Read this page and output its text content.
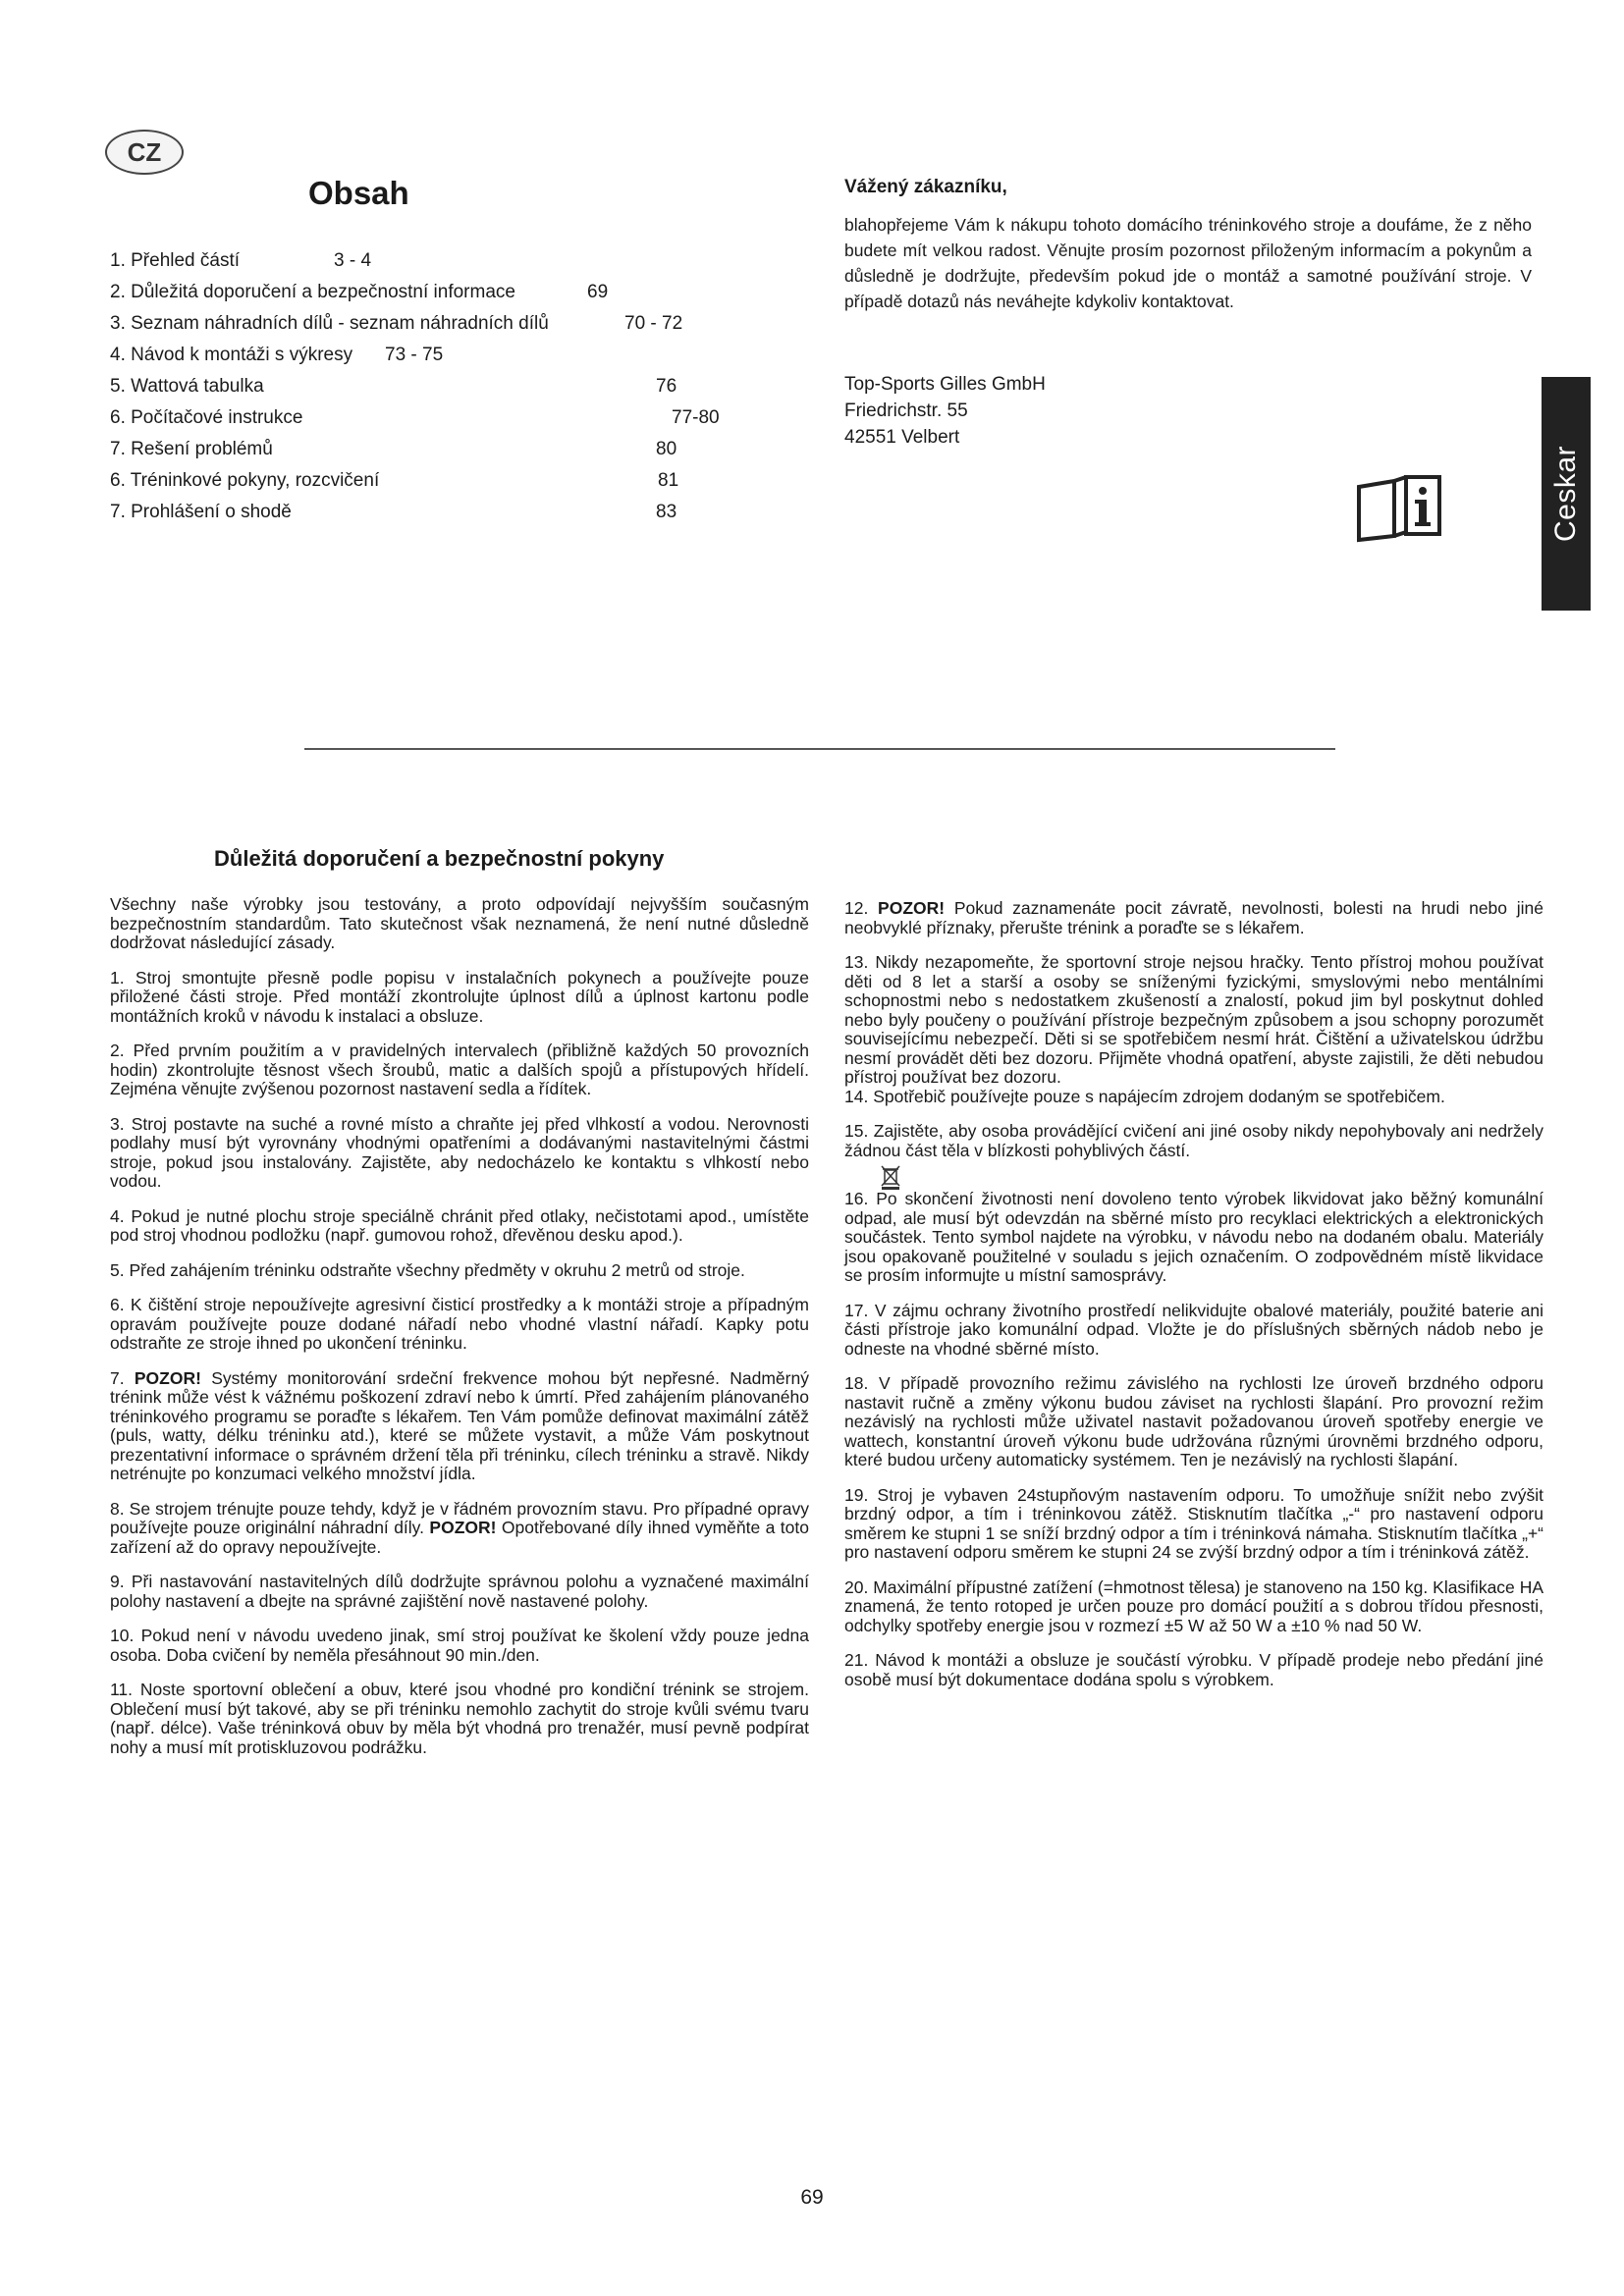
CZ
Obsah
1. Přehled částí	3 - 4
2. Důležitá doporučení a bezpečnostní informace	69
3. Seznam náhradních dílů - seznam náhradních dílů	70 - 72
4. Návod k montáži s výkresy 73 - 75
5. Wattová tabulka	76
6. Počítačové instrukce	77-80
7. Rešení problémů	80
6. Tréninkové pokyny, rozcvičení	81
7. Prohlášení o shodě	83
Vážený zákazníku,

blahopřejeme Vám k nákupu tohoto domácího tréninkového stroje a doufáme, že z něho budete mít velkou radost. Věnujte prosím pozornost přiloženým informacím a pokynům a důsledně je dodržujte, především pokud jde o montáž a samotné používání stroje. V případě dotazů nás neváhejte kdykoliv kontaktovat.

Top-Sports Gilles GmbH
Friedrichstr. 55
42551 Velbert
Ceskar
Důležitá doporučení a bezpečnostní pokyny

Všechny naše výrobky jsou testovány, a proto odpovídají nejvyšším současným bezpečnostním standardům. Tato skutečnost však neznamená, že není nutné důsledně dodržovat následující zásady.

1. Stroj smontujte přesně podle popisu v instalačních pokynech a používejte pouze přiložené části stroje. Před montáží zkontrolujte úplnost dílů a úplnost kartonu podle montážních kroků v návodu k instalaci a obsluze.

2. Před prvním použitím a v pravidelných intervalech (přibližně každých 50 provozních hodin) zkontrolujte těsnost všech šroubů, matic a dalších spojů a přístupových hřídelí. Zejména věnujte zvýšenou pozornost nastavení sedla a řídítek.

3. Stroj postavte na suché a rovné místo a chraňte jej před vlhkostí a vodou. Nerovnosti podlahy musí být vyrovnány vhodnými opatřeními a dodávanými nastavitelnými částmi stroje, pokud jsou instalovány. Zajistěte, aby nedocházelo ke kontaktu s vlhkostí nebo vodou.

4. Pokud je nutné plochu stroje speciálně chránit před otlaky, nečistotami apod., umístěte pod stroj vhodnou podložku (např. gumovou rohož, dřevěnou desku apod.).

5. Před zahájením tréninku odstraňte všechny předměty v okruhu 2 metrů od stroje.

6. K čištění stroje nepoužívejte agresivní čisticí prostředky a k montáži stroje a případným opravám používejte pouze dodané nářadí nebo vhodné vlastní nářadí. Kapky potu odstraňte ze stroje ihned po ukončení tréninku.

7. POZOR! Systémy monitorování srdeční frekvence mohou být nepřesné. Nadměrný trénink může vést k vážnému poškození zdraví nebo k úmrtí. Před zahájením plánovaného tréninkového programu se poraďte s lékařem. Ten Vám pomůže definovat maximální zátěž (puls, watty, délku tréninku atd.), které se můžete vystavit, a může Vám poskytnout prezentativní informace o správném držení těla při tréninku, cílech tréninku a stravě. Nikdy netrénujte po konzumaci velkého množství jídla.

8. Se strojem trénujte pouze tehdy, když je v řádném provozním stavu. Pro případné opravy používejte pouze originální náhradní díly. POZOR! Opotřebované díly ihned vyměňte a toto zařízení až do opravy nepoužívejte.

9. Při nastavování nastavitelných dílů dodržujte správnou polohu a vyznačené maximální polohy nastavení a dbejte na správné zajištění nově nastavené polohy.

10. Pokud není v návodu uvedeno jinak, smí stroj používat ke školení vždy pouze jedna osoba. Doba cvičení by neměla přesáhnout 90 min./den.

11. Noste sportovní oblečení a obuv, které jsou vhodné pro kondiční trénink se strojem. Oblečení musí být takové, aby se při tréninku nemohlo zachytit do stroje kvůli svému tvaru (např. délce). Vaše tréninková obuv by měla být vhodná pro trenažér, musí pevně podpírat nohy a musí mít protiskluzovou podrážku.

12. POZOR! Pokud zaznamenáte pocit závratě, nevolnosti, bolesti na hrudi nebo jiné neobvyklé příznaky, přerušte trénink a poraďte se s lékařem.

13. Nikdy nezapomeňte, že sportovní stroje nejsou hračky. Tento přístroj mohou používat děti od 8 let a starší a osoby se sníženými fyzickými, smyslovými nebo mentálními schopnostmi nebo s nedostatkem zkušeností a znalostí, pokud jim byl poskytnut dohled nebo byly poučeny o používání přístroje bezpečným způsobem a jsou schopny porozumět souvisejícímu nebezpečí. Děti si se spotřebičem nesmí hrát. Čištění a uživatelskou údržbu nesmí provádět děti bez dozoru. Přijměte vhodná opatření, abyste zajistili, že děti nebudou přístroj používat bez dozoru.

14. Spotřebič používejte pouze s napájecím zdrojem dodaným se spotřebičem.

15. Zajistěte, aby osoba provádějící cvičení ani jiné osoby nikdy nepohybovaly ani nedržely žádnou část těla v blízkosti pohyblivých částí.

16. Po skončení životnosti není dovoleno tento výrobek likvidovat jako běžný komunální odpad, ale musí být odevzdán na sběrné místo pro recyklaci elektrických a elektronických součástek. Tento symbol najdete na výrobku, v návodu nebo na dodaném obalu. Materiály jsou opakovaně použitelné v souladu s jejich označením. O zodpovědném místě likvidace se prosím informujte u místní samosprávy.

17. V zájmu ochrany životního prostředí nelikvidujte obalové materiály, použité baterie ani části přístroje jako komunální odpad. Vložte je do příslušných sběrných nádob nebo je odneste na vhodné sběrné místo.

18. V případě provozního režimu závislého na rychlosti lze úroveň brzdného odporu nastavit ručně a změny výkonu budou záviset na rychlosti šlapání. Pro provozní režim nezávislý na rychlosti může uživatel nastavit požadovanou úroveň spotřeby energie ve wattech, konstantní úroveň výkonu bude udržována různými úrovněmi brzdného odporu, které budou určeny automaticky systémem. Ten je nezávislý na rychlosti šlapání.

19. Stroj je vybaven 24stupňovým nastavením odporu. To umožňuje snížit nebo zvýšit brzdný odpor, a tím i tréninkovou zátěž. Stisknutím tlačítka „-“ pro nastavení odporu směrem ke stupni 1 se sníží brzdný odpor a tím i tréninková námaha. Stisknutím tlačítka „+“ pro nastavení odporu směrem ke stupni 24 se zvýší brzdný odpor a tím i tréninková zátěž.

20. Maximální přípustné zatížení (=hmotnost tělesa) je stanoveno na 150 kg. Klasifikace HA znamená, že tento rotoped je určen pouze pro domácí použití a s dobrou třídou přesnosti, odchylky spotřeby energie jsou v rozmezí ±5 W až 50 W a ±10 % nad 50 W.

21. Návod k montáži a obsluze je součástí výrobku. V případě prodeje nebo předání jiné osobě musí být dokumentace dodána spolu s výrobkem.

69
